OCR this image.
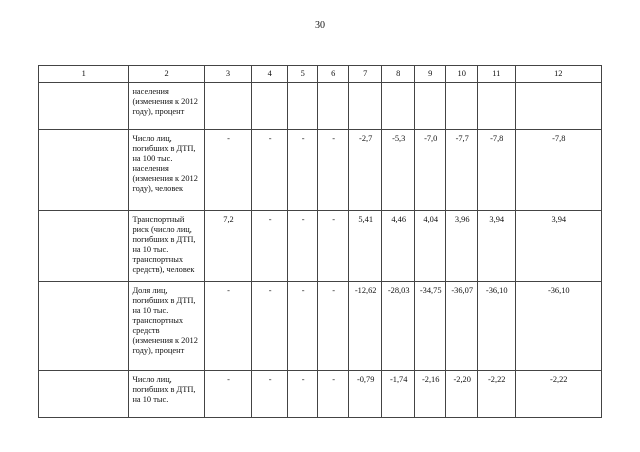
30
1	2	3	4	5	6	7	8	9	10	11	12
	населения (изменения к 2012 году), процент										
	Число лиц, погибших в ДТП, на 100 тыс. населения (изменения к 2012 году), человек	-	-	-	-	-2,7	-5,3	-7,0	-7,7	-7,8	-7,8
	Транспортный риск (число лиц, погибших в ДТП, на 10 тыс. транспортных средств), человек	7,2	-	-	-	5,41	4,46	4,04	3,96	3,94	3,94
	Доля лиц, погибших в ДТП, на 10 тыс. транспортных средств (изменения к 2012 году), процент	-	-	-	-	-12,62	-28,03	-34,75	-36,07	-36,10	-36,10
	Число лиц, погибших в ДТП, на 10 тыс.	-	-	-	-	-0,79	-1,74	-2,16	-2,20	-2,22	-2,22
